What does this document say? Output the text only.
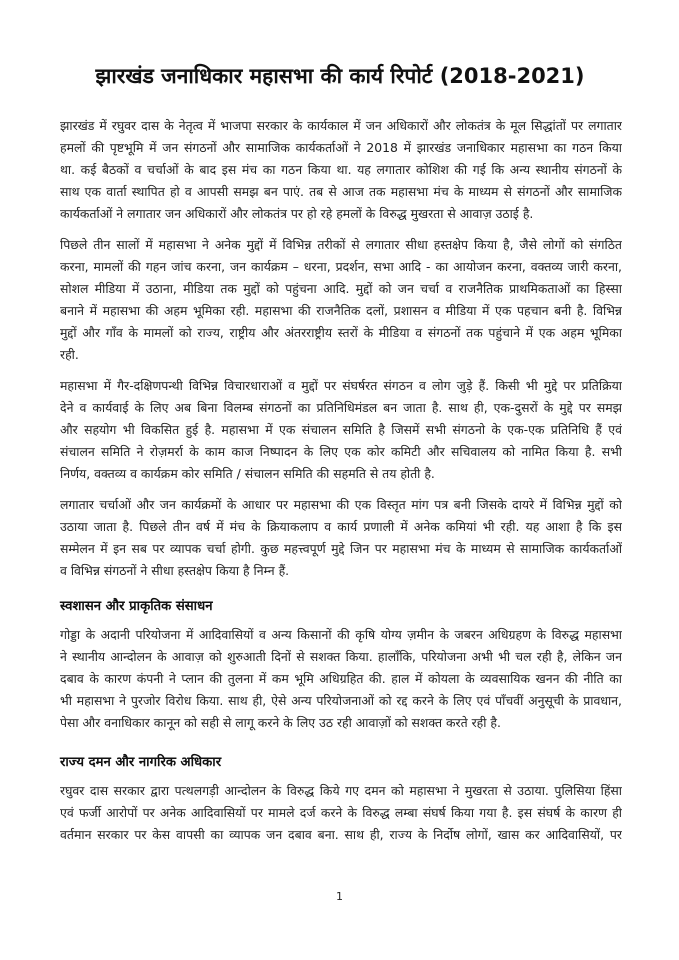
झारखंड जनाधिकार महासभा की कार्य रिपोर्ट (2018-2021)
झारखंड में रघुवर दास के नेतृत्व में भाजपा सरकार के कार्यकाल में जन अधिकारों और लोकतंत्र के मूल सिद्धांतों पर लगातार
हमलों की पृष्टभूमि में जन संगठनों और सामाजिक कार्यकर्ताओं ने 2018 में झारखंड जनाधिकार महासभा का गठन किया
था. कई बैठकों व चर्चाओं के बाद इस मंच का गठन किया था. यह लगातार कोशिश की गई कि अन्य स्थानीय संगठनों के
साथ एक वार्ता स्थापित हो व आपसी समझ बन पाएं. तब से आज तक महासभा मंच के माध्यम से संगठनों और सामाजिक
कार्यकर्ताओं ने लगातार जन अधिकारों और लोकतंत्र पर हो रहे हमलों के विरुद्ध मुखरता से आवाज़ उठाई है.
पिछले तीन सालों में महासभा ने अनेक मुद्दों में विभिन्न तरीकों से लगातार सीधा हस्तक्षेप किया है, जैसे लोगों को संगठित
करना, मामलों की गहन जांच करना, जन कार्यक्रम – धरना, प्रदर्शन, सभा आदि - का आयोजन करना, वक्तव्य जारी करना,
सोशल मीडिया में उठाना, मीडिया तक मुद्दों को पहुंचना आदि. मुद्दों को जन चर्चा व राजनैतिक प्राथमिकताओं का हिस्सा
बनाने में महासभा की अहम भूमिका रही. महासभा की राजनैतिक दलों, प्रशासन व मीडिया में एक पहचान बनी है. विभिन्न
मुद्दों और गाँव के मामलों को राज्य, राष्ट्रीय और अंतरराष्ट्रीय स्तरों के मीडिया व संगठनों तक पहुंचाने में एक अहम भूमिका
रही.
महासभा में गैर-दक्षिणपन्थी विभिन्न विचारधाराओं व मुद्दों पर संघर्षरत संगठन व लोग जुड़े हैं. किसी भी मुद्दे पर प्रतिक्रिया
देने व कार्यवाई के लिए अब बिना विलम्ब संगठनों का प्रतिनिधिमंडल बन जाता है. साथ ही, एक-दुसरों के मुद्दे पर समझ
और सहयोग भी विकसित हुई है. महासभा में एक संचालन समिति है जिसमें सभी संगठनो के एक-एक प्रतिनिधि हैं एवं
संचालन समिति ने रोज़मर्रा के काम काज निष्पादन के लिए एक कोर कमिटी और सचिवालय को नामित किया है. सभी
निर्णय, वक्तव्य व कार्यक्रम कोर समिति / संचालन समिति की सहमति से तय होती है.
लगातार चर्चाओं और जन कार्यक्रमों के आधार पर महासभा की एक विस्तृत मांग पत्र बनी जिसके दायरे में विभिन्न मुद्दों को
उठाया जाता है. पिछले तीन वर्ष में मंच के क्रियाकलाप व कार्य प्रणाली में अनेक कमियां भी रही. यह आशा है कि इस
सम्मेलन में इन सब पर व्यापक चर्चा होगी. कुछ महत्त्वपूर्ण मुद्दे जिन पर महासभा मंच के माध्यम से सामाजिक कार्यकर्ताओं
व विभिन्न संगठनों ने सीधा हस्तक्षेप किया है निम्न हैं.
स्वशासन और प्राकृतिक संसाधन
गोड्डा के अदानी परियोजना में आदिवासियों व अन्य किसानों की कृषि योग्य ज़मीन के जबरन अधिग्रहण के विरुद्ध महासभा
ने स्थानीय आन्दोलन के आवाज़ को शुरुआती दिनों से सशक्त किया. हालाँकि, परियोजना अभी भी चल रही है, लेकिन जन
दबाव के कारण कंपनी ने प्लान की तुलना में कम भूमि अधिग्रहित की. हाल में कोयला के व्यवसायिक खनन की नीति का
भी महासभा ने पुरजोर विरोध किया. साथ ही, ऐसे अन्य परियोजनाओं को रद्द करने के लिए एवं पाँचवीं अनुसूची के प्रावधान,
पेसा और वनाधिकार कानून को सही से लागू करने के लिए उठ रही आवाज़ों को सशक्त करते रही है.
राज्य दमन और नागरिक अधिकार
रघुवर दास सरकार द्वारा पत्थलगड़ी आन्दोलन के विरुद्ध किये गए दमन को महासभा ने मुखरता से उठाया. पुलिसिया हिंसा
एवं फर्जी आरोपों पर अनेक आदिवासियों पर मामले दर्ज करने के विरुद्ध लम्बा संघर्ष किया गया है. इस संघर्ष के कारण ही
वर्तमान सरकार पर केस वापसी का व्यापक जन दबाव बना. साथ ही, राज्य के निर्दोष लोगों, खास कर आदिवासियों, पर
1
